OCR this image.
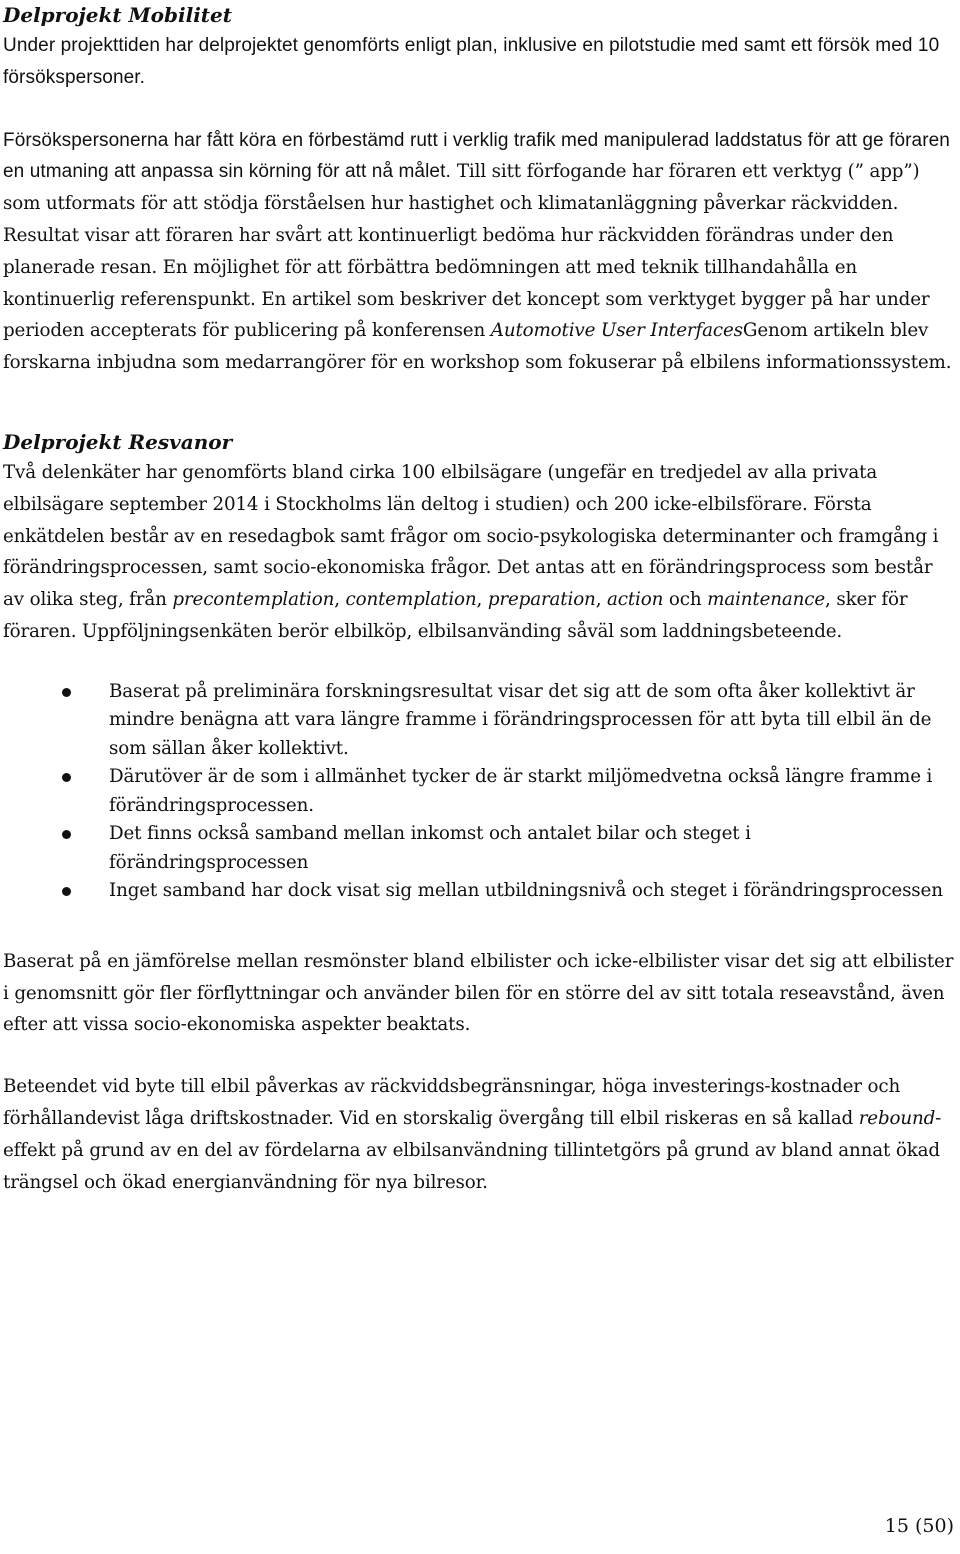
Delprojekt Mobilitet

Under projekttiden har delprojektet genomförts enligt plan, inklusive en pilotstudie med samt ett försök med 10 försökspersoner.

Försökspersonerna har fått köra en förbestämd rutt i verklig trafik med manipulerad laddstatus för att ge föraren en utmaning att anpassa sin körning för att nå målet. Till sitt förfogande har föraren ett verktyg (” app”) som utformats för att stödja förståelsen hur hastighet och klimatanläggning påverkar räckvidden. Resultat visar att föraren har svårt att kontinuerligt bedöma hur räckvidden förändras under den planerade resan. En möjlighet för att förbättra bedömningen att med teknik tillhandahålla en kontinuerlig referenspunkt. En artikel som beskriver det koncept som verktyget bygger på har under perioden accepterats för publicering på konferensen Automotive User InterfacesGenom artikeln blev forskarna inbjudna som medarrangörer för en workshop som fokuserar på elbilens informationssystem.

Delprojekt Resvanor

Två delenkäter har genomförts bland cirka 100 elbilsägare (ungefär en tredjedel av alla privata elbilsägare september 2014 i Stockholms län deltog i studien) och 200 icke-elbilsförare. Första enkätdelen består av en resedagbok samt frågor om socio-psykologiska determinanter och framgång i förändringsprocessen, samt socio-ekonomiska frågor. Det antas att en förändringsprocess som består av olika steg, från precontemplation, contemplation, preparation, action och maintenance, sker för föraren. Uppföljningsenkäten berör elbilköp, elbilsanvänding såväl som laddningsbeteende.

Baserat på preliminära forskningsresultat visar det sig att de som ofta åker kollektivt är mindre benägna att vara längre framme i förändringsprocessen för att byta till elbil än de som sällan åker kollektivt.
Därutöver är de som i allmänhet tycker de är starkt miljömedvetna också längre framme i förändringsprocessen.
Det finns också samband mellan inkomst och antalet bilar och steget i förändringsprocessen
Inget samband har dock visat sig mellan utbildningsnivå och steget i förändringsprocessen

Baserat på en jämförelse mellan resmönster bland elbilister och icke-elbilister visar det sig att elbilister i genomsnitt gör fler förflyttningar och använder bilen för en större del av sitt totala reseavstånd, även efter att vissa socio-ekonomiska aspekter beaktats.

Beteendet vid byte till elbil påverkas av räckviddsbegränsningar, höga investerings-kostnader och förhållandevist låga driftskostnader. Vid en storskalig övergång till elbil riskeras en så kallad rebound-effekt på grund av en del av fördelarna av elbilsanvändning tillintetgörs på grund av bland annat ökad trängsel och ökad energianvändning för nya bilresor.

15 (50)
